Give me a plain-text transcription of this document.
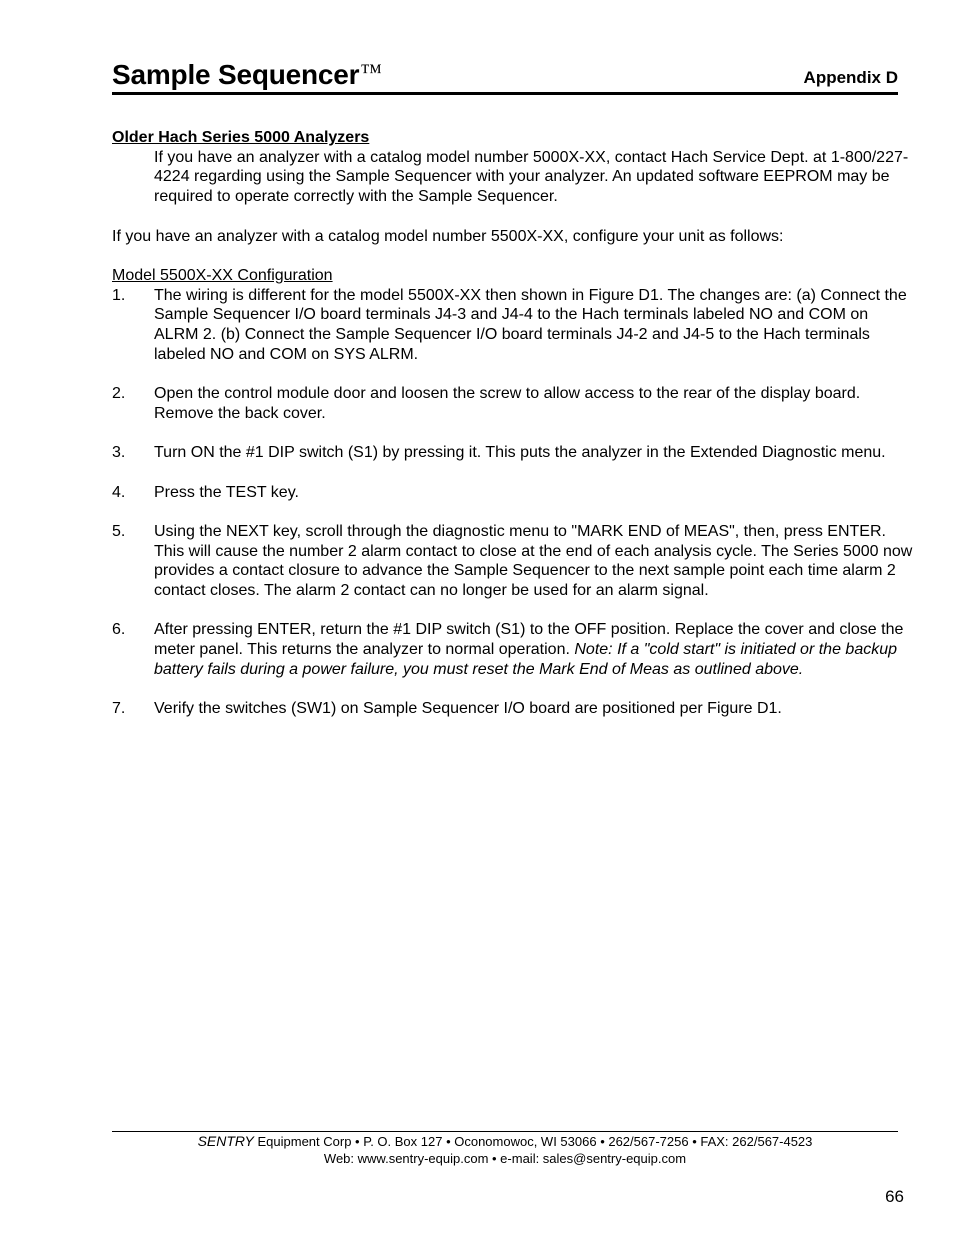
Sample Sequencer™	Appendix D
Older Hach Series 5000 Analyzers
If you have an analyzer with a catalog model number 5000X-XX, contact Hach Service Dept. at 1-800/227-4224 regarding using the Sample Sequencer with your analyzer. An updated software EEPROM may be required to operate correctly with the Sample Sequencer.
If you have an analyzer with a catalog model number 5500X-XX, configure your unit as follows:
Model 5500X-XX Configuration
1. The wiring is different for the model 5500X-XX then shown in Figure D1. The changes are: (a) Connect the Sample Sequencer I/O board terminals J4-3 and J4-4 to the Hach terminals labeled NO and COM on ALRM 2. (b) Connect the Sample Sequencer I/O board terminals J4-2 and J4-5 to the Hach terminals labeled NO and COM on SYS ALRM.
2. Open the control module door and loosen the screw to allow access to the rear of the display board. Remove the back cover.
3. Turn ON the #1 DIP switch (S1) by pressing it. This puts the analyzer in the Extended Diagnostic menu.
4. Press the TEST key.
5. Using the NEXT key, scroll through the diagnostic menu to "MARK END of MEAS", then, press ENTER. This will cause the number 2 alarm contact to close at the end of each analysis cycle. The Series 5000 now provides a contact closure to advance the Sample Sequencer to the next sample point each time alarm 2 contact closes. The alarm 2 contact can no longer be used for an alarm signal.
6. After pressing ENTER, return the #1 DIP switch (S1) to the OFF position. Replace the cover and close the meter panel. This returns the analyzer to normal operation. Note: If a "cold start" is initiated or the backup battery fails during a power failure, you must reset the Mark End of Meas as outlined above.
7. Verify the switches (SW1) on Sample Sequencer I/O board are positioned per Figure D1.
SENTRY Equipment Corp • P. O. Box 127 • Oconomowoc, WI 53066 • 262/567-7256 • FAX: 262/567-4523
Web: www.sentry-equip.com • e-mail: sales@sentry-equip.com
66
